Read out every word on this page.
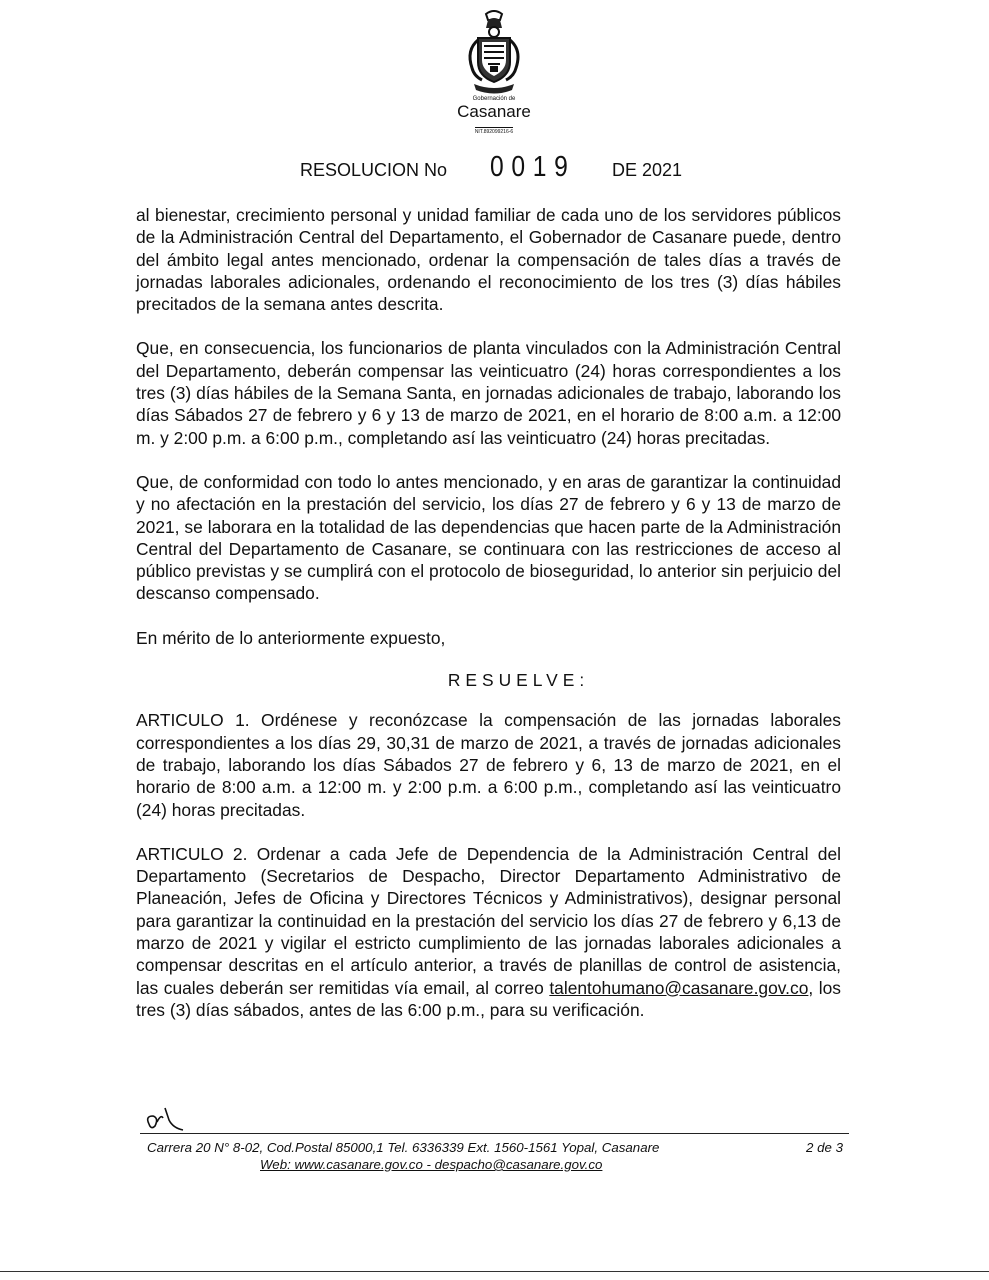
Gobernación de
Casanare
NIT.892099216-6
RESOLUCION No 0019 DE 2021

al bienestar, crecimiento personal y unidad familiar de cada uno de los servidores públicos de la Administración Central del Departamento, el Gobernador de Casanare puede, dentro del ámbito legal antes mencionado, ordenar la compensación de tales días a través de jornadas laborales adicionales, ordenando el reconocimiento de los tres (3) días hábiles precitados de la semana antes descrita.

Que, en consecuencia, los funcionarios de planta vinculados con la Administración Central del Departamento, deberán compensar las veinticuatro (24) horas correspondientes a los tres (3) días hábiles de la Semana Santa, en jornadas adicionales de trabajo, laborando los días Sábados 27 de febrero y 6 y 13 de marzo de 2021, en el horario de 8:00 a.m. a 12:00 m. y 2:00 p.m. a 6:00 p.m., completando así las veinticuatro (24) horas precitadas.

Que, de conformidad con todo lo antes mencionado, y en aras de garantizar la continuidad y no afectación en la prestación del servicio, los días 27 de febrero y 6 y 13 de marzo de 2021, se laborara en la totalidad de las dependencias que hacen parte de la Administración Central del Departamento de Casanare, se continuara con las restricciones de acceso al público previstas y se cumplirá con el protocolo de bioseguridad, lo anterior sin perjuicio del descanso compensado.

En mérito de lo anteriormente expuesto,

RESUELVE:

ARTICULO 1. Ordénese y reconózcase la compensación de las jornadas laborales correspondientes a los días 29, 30,31 de marzo de 2021, a través de jornadas adicionales de trabajo, laborando los días Sábados 27 de febrero y 6, 13 de marzo de 2021, en el horario de 8:00 a.m. a 12:00 m. y 2:00 p.m. a 6:00 p.m., completando así las veinticuatro (24) horas precitadas.

ARTICULO 2. Ordenar a cada Jefe de Dependencia de la Administración Central del Departamento (Secretarios de Despacho, Director Departamento Administrativo de Planeación, Jefes de Oficina y Directores Técnicos y Administrativos), designar personal para garantizar la continuidad en la prestación del servicio los días 27 de febrero y 6,13 de marzo de 2021 y vigilar el estricto cumplimiento de las jornadas laborales adicionales a compensar descritas en el artículo anterior, a través de planillas de control de asistencia, las cuales deberán ser remitidas vía email, al correo talentohumano@casanare.gov.co, los tres (3) días sábados, antes de las 6:00 p.m., para su verificación.

Carrera 20 N° 8-02, Cod.Postal 85000,1 Tel. 6336339 Ext. 1560-1561 Yopal, Casanare	2 de 3
Web: www.casanare.gov.co - despacho@casanare.gov.co
